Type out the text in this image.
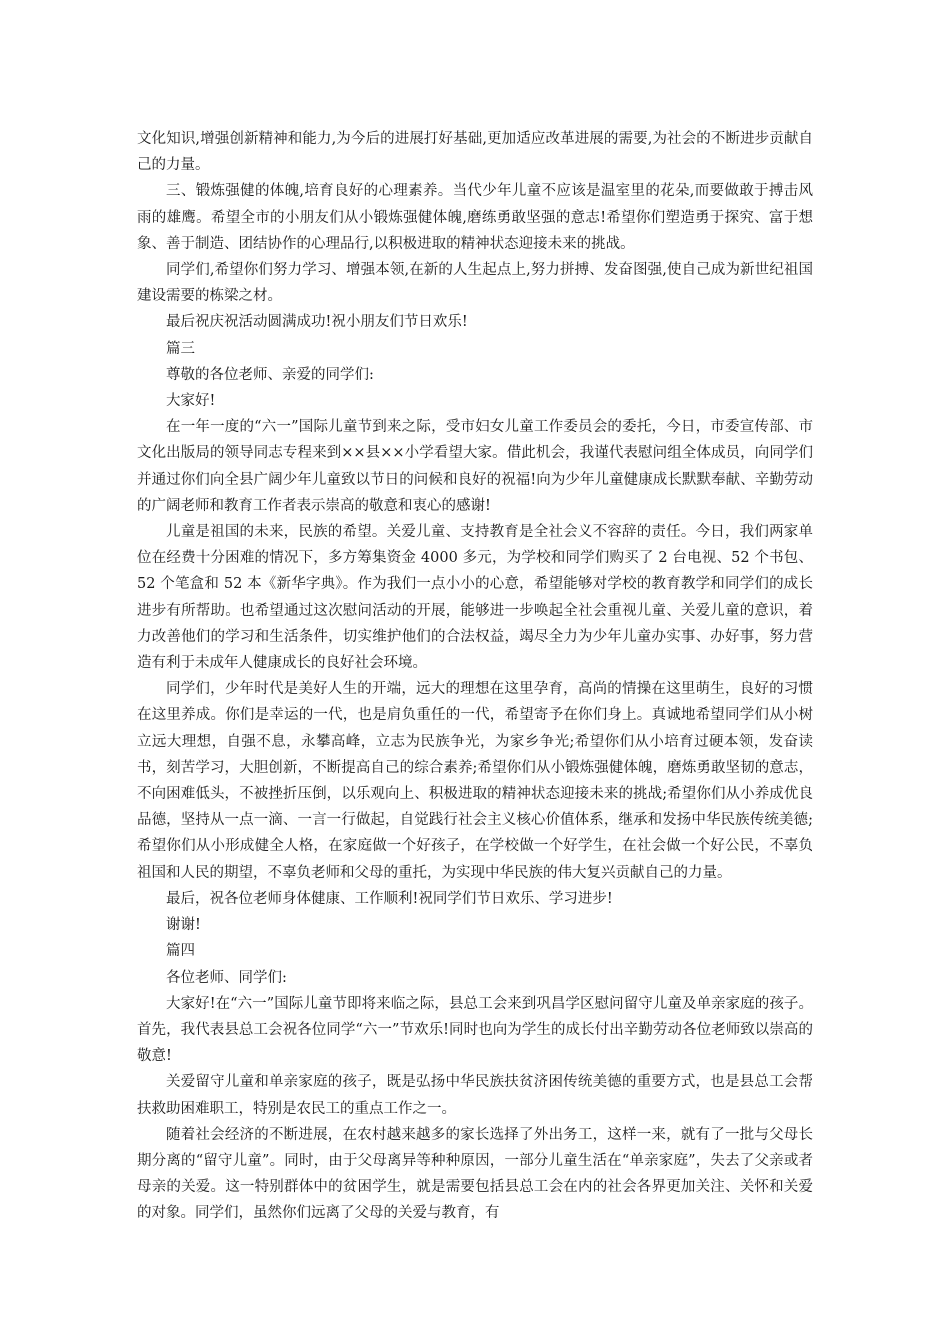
文化知识,增强创新精神和能力,为今后的进展打好基础,更加适应改革进展的需要,为社会的不断进步贡献自己的力量。

三、锻炼强健的体魄,培育良好的心理素养。当代少年儿童不应该是温室里的花朵,而要做敢于搏击风雨的雄鹰。希望全市的小朋友们从小锻炼强健体魄,磨练勇敢坚强的意志!希望你们塑造勇于探究、富于想象、善于制造、团结协作的心理品行,以积极进取的精神状态迎接未来的挑战。

同学们,希望你们努力学习、增强本领,在新的人生起点上,努力拼搏、发奋图强,使自己成为新世纪祖国建设需要的栋梁之材。

最后祝庆祝活动圆满成功!祝小朋友们节日欢乐!

篇三

尊敬的各位老师、亲爱的同学们:

大家好!

在一年一度的“六一”国际儿童节到来之际，受市妇女儿童工作委员会的委托，今日，市委宣传部、市文化出版局的领导同志专程来到××县××小学看望大家。借此机会，我谨代表慰问组全体成员，向同学们并通过你们向全县广阔少年儿童致以节日的问候和良好的祝福!向为少年儿童健康成长默默奉献、辛勤劳动的广阔老师和教育工作者表示崇高的敬意和衷心的感谢!

儿童是祖国的未来，民族的希望。关爱儿童、支持教育是全社会义不容辞的责任。今日，我们两家单位在经费十分困难的情况下，多方筹集资金 4000 多元，为学校和同学们购买了 2 台电视、52 个书包、52 个笔盒和 52 本《新华字典》。作为我们一点小小的心意，希望能够对学校的教育教学和同学们的成长进步有所帮助。也希望通过这次慰问活动的开展，能够进一步唤起全社会重视儿童、关爱儿童的意识，着力改善他们的学习和生活条件，切实维护他们的合法权益，竭尽全力为少年儿童办实事、办好事，努力营造有利于未成年人健康成长的良好社会环境。

同学们，少年时代是美好人生的开端，远大的理想在这里孕育，高尚的情操在这里萌生，良好的习惯在这里养成。你们是幸运的一代，也是肩负重任的一代，希望寄予在你们身上。真诚地希望同学们从小树立远大理想，自强不息，永攀高峰，立志为民族争光，为家乡争光;希望你们从小培育过硬本领，发奋读书，刻苦学习，大胆创新，不断提高自己的综合素养;希望你们从小锻炼强健体魄，磨炼勇敢坚韧的意志，不向困难低头，不被挫折压倒，以乐观向上、积极进取的精神状态迎接未来的挑战;希望你们从小养成优良品德，坚持从一点一滴、一言一行做起，自觉践行社会主义核心价值体系，继承和发扬中华民族传统美德;希望你们从小形成健全人格，在家庭做一个好孩子，在学校做一个好学生，在社会做一个好公民，不辜负祖国和人民的期望，不辜负老师和父母的重托，为实现中华民族的伟大复兴贡献自己的力量。

最后，祝各位老师身体健康、工作顺利!祝同学们节日欢乐、学习进步!

谢谢!

篇四

各位老师、同学们:

大家好!在“六一”国际儿童节即将来临之际，县总工会来到巩昌学区慰问留守儿童及单亲家庭的孩子。首先，我代表县总工会祝各位同学“六一”节欢乐!同时也向为学生的成长付出辛勤劳动各位老师致以崇高的敬意!

关爱留守儿童和单亲家庭的孩子，既是弘扬中华民族扶贫济困传统美德的重要方式，也是县总工会帮扶救助困难职工，特别是农民工的重点工作之一。

随着社会经济的不断进展，在农村越来越多的家长选择了外出务工，这样一来，就有了一批与父母长期分离的“留守儿童”。同时，由于父母离异等种种原因，一部分儿童生活在“单亲家庭”，失去了父亲或者母亲的关爱。这一特别群体中的贫困学生，就是需要包括县总工会在内的社会各界更加关注、关怀和关爱的对象。同学们，虽然你们远离了父母的关爱与教育，有
